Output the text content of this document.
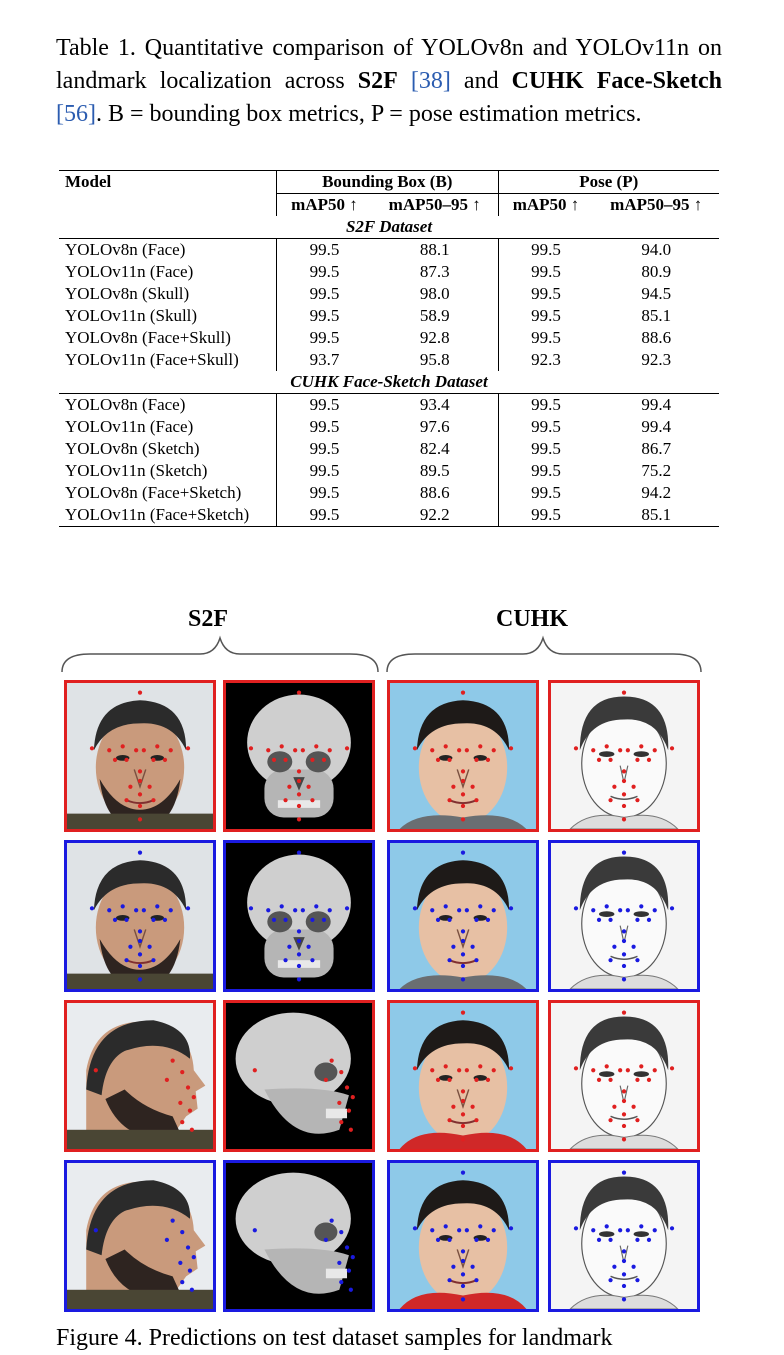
Table 1. Quantitative comparison of YOLOv8n and YOLOv11n on landmark localization across S2F [38] and CUHK Face-Sketch [56]. B = bounding box metrics, P = pose estimation metrics.
Model	Bounding Box (B)		Pose (P)	
	mAP50 ↑	mAP50–95 ↑	mAP50 ↑	mAP50–95 ↑
S2F Dataset				
YOLOv8n (Face)	99.5	88.1	99.5	94.0
YOLOv11n (Face)	99.5	87.3	99.5	80.9
YOLOv8n (Skull)	99.5	98.0	99.5	94.5
YOLOv11n (Skull)	99.5	58.9	99.5	85.1
YOLOv8n (Face+Skull)	99.5	92.8	99.5	88.6
YOLOv11n (Face+Skull)	93.7	95.8	92.3	92.3
CUHK Face-Sketch Dataset				
YOLOv8n (Face)	99.5	93.4	99.5	99.4
YOLOv11n (Face)	99.5	97.6	99.5	99.4
YOLOv8n (Sketch)	99.5	82.4	99.5	86.7
YOLOv11n (Sketch)	99.5	89.5	99.5	75.2
YOLOv8n (Face+Sketch)	99.5	88.6	99.5	94.2
YOLOv11n (Face+Sketch)	99.5	92.2	99.5	85.1
S2F	CUHK
Figure 4. Predictions on test dataset samples for landmark
